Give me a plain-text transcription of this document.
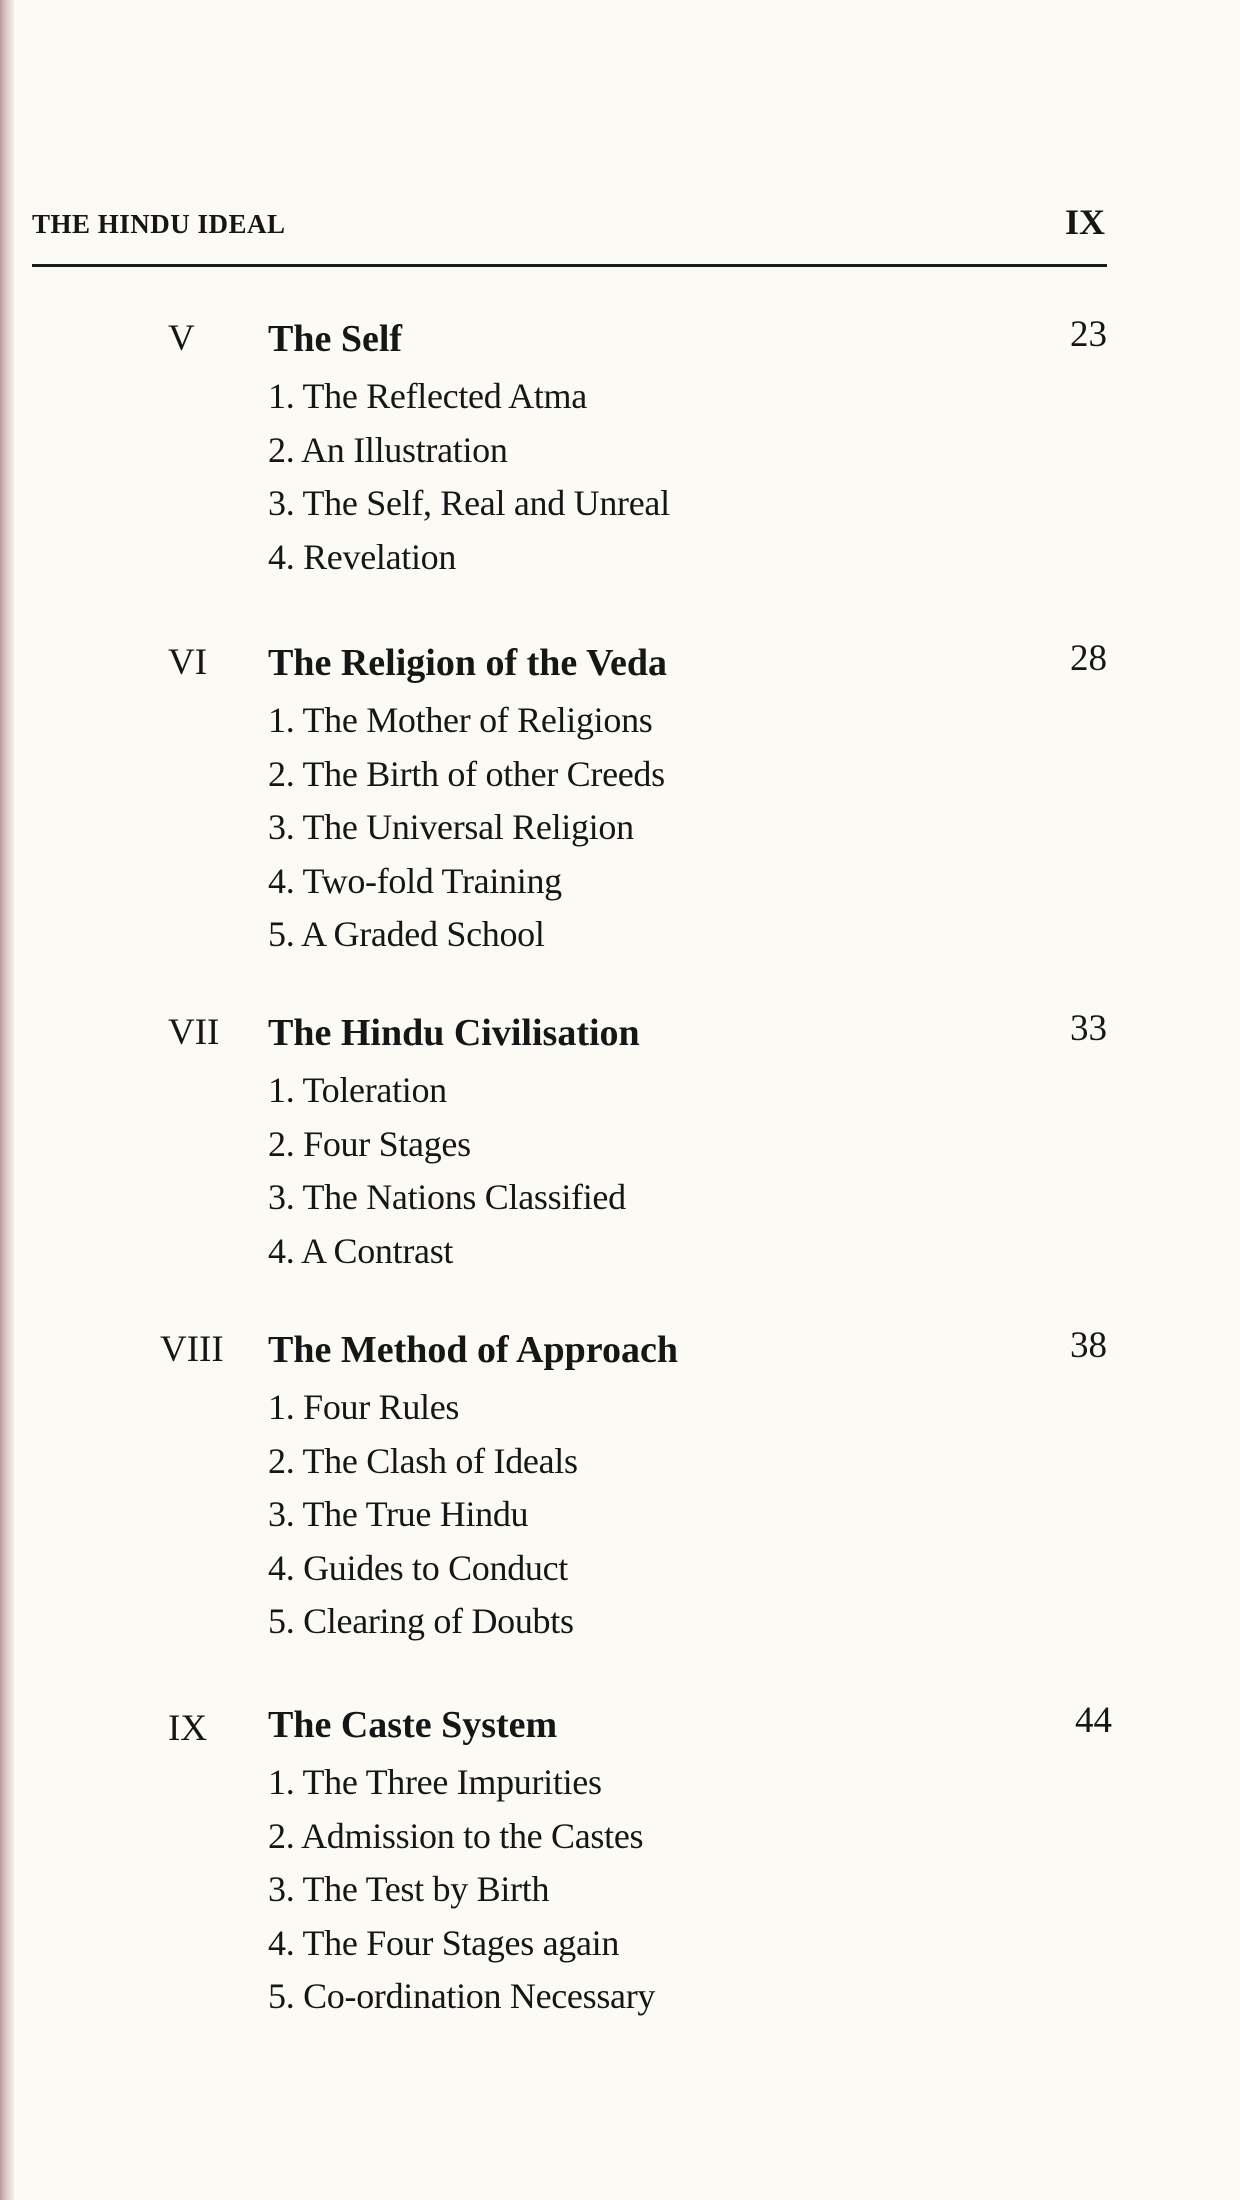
THE HINDU IDEAL	IX
V The Self	23
1. The Reflected Atma
2. An Illustration
3. The Self, Real and Unreal
4. Revelation
VI The Religion of the Veda	28
1. The Mother of Religions
2. The Birth of other Creeds
3. The Universal Religion
4. Two-fold Training
5. A Graded School
VII The Hindu Civilisation	33
1. Toleration
2. Four Stages
3. The Nations Classified
4. A Contrast
VIII The Method of Approach	38
1. Four Rules
2. The Clash of Ideals
3. The True Hindu
4. Guides to Conduct
5. Clearing of Doubts
IX The Caste System	44
1. The Three Impurities
2. Admission to the Castes
3. The Test by Birth
4. The Four Stages again
5. Co-ordination Necessary
